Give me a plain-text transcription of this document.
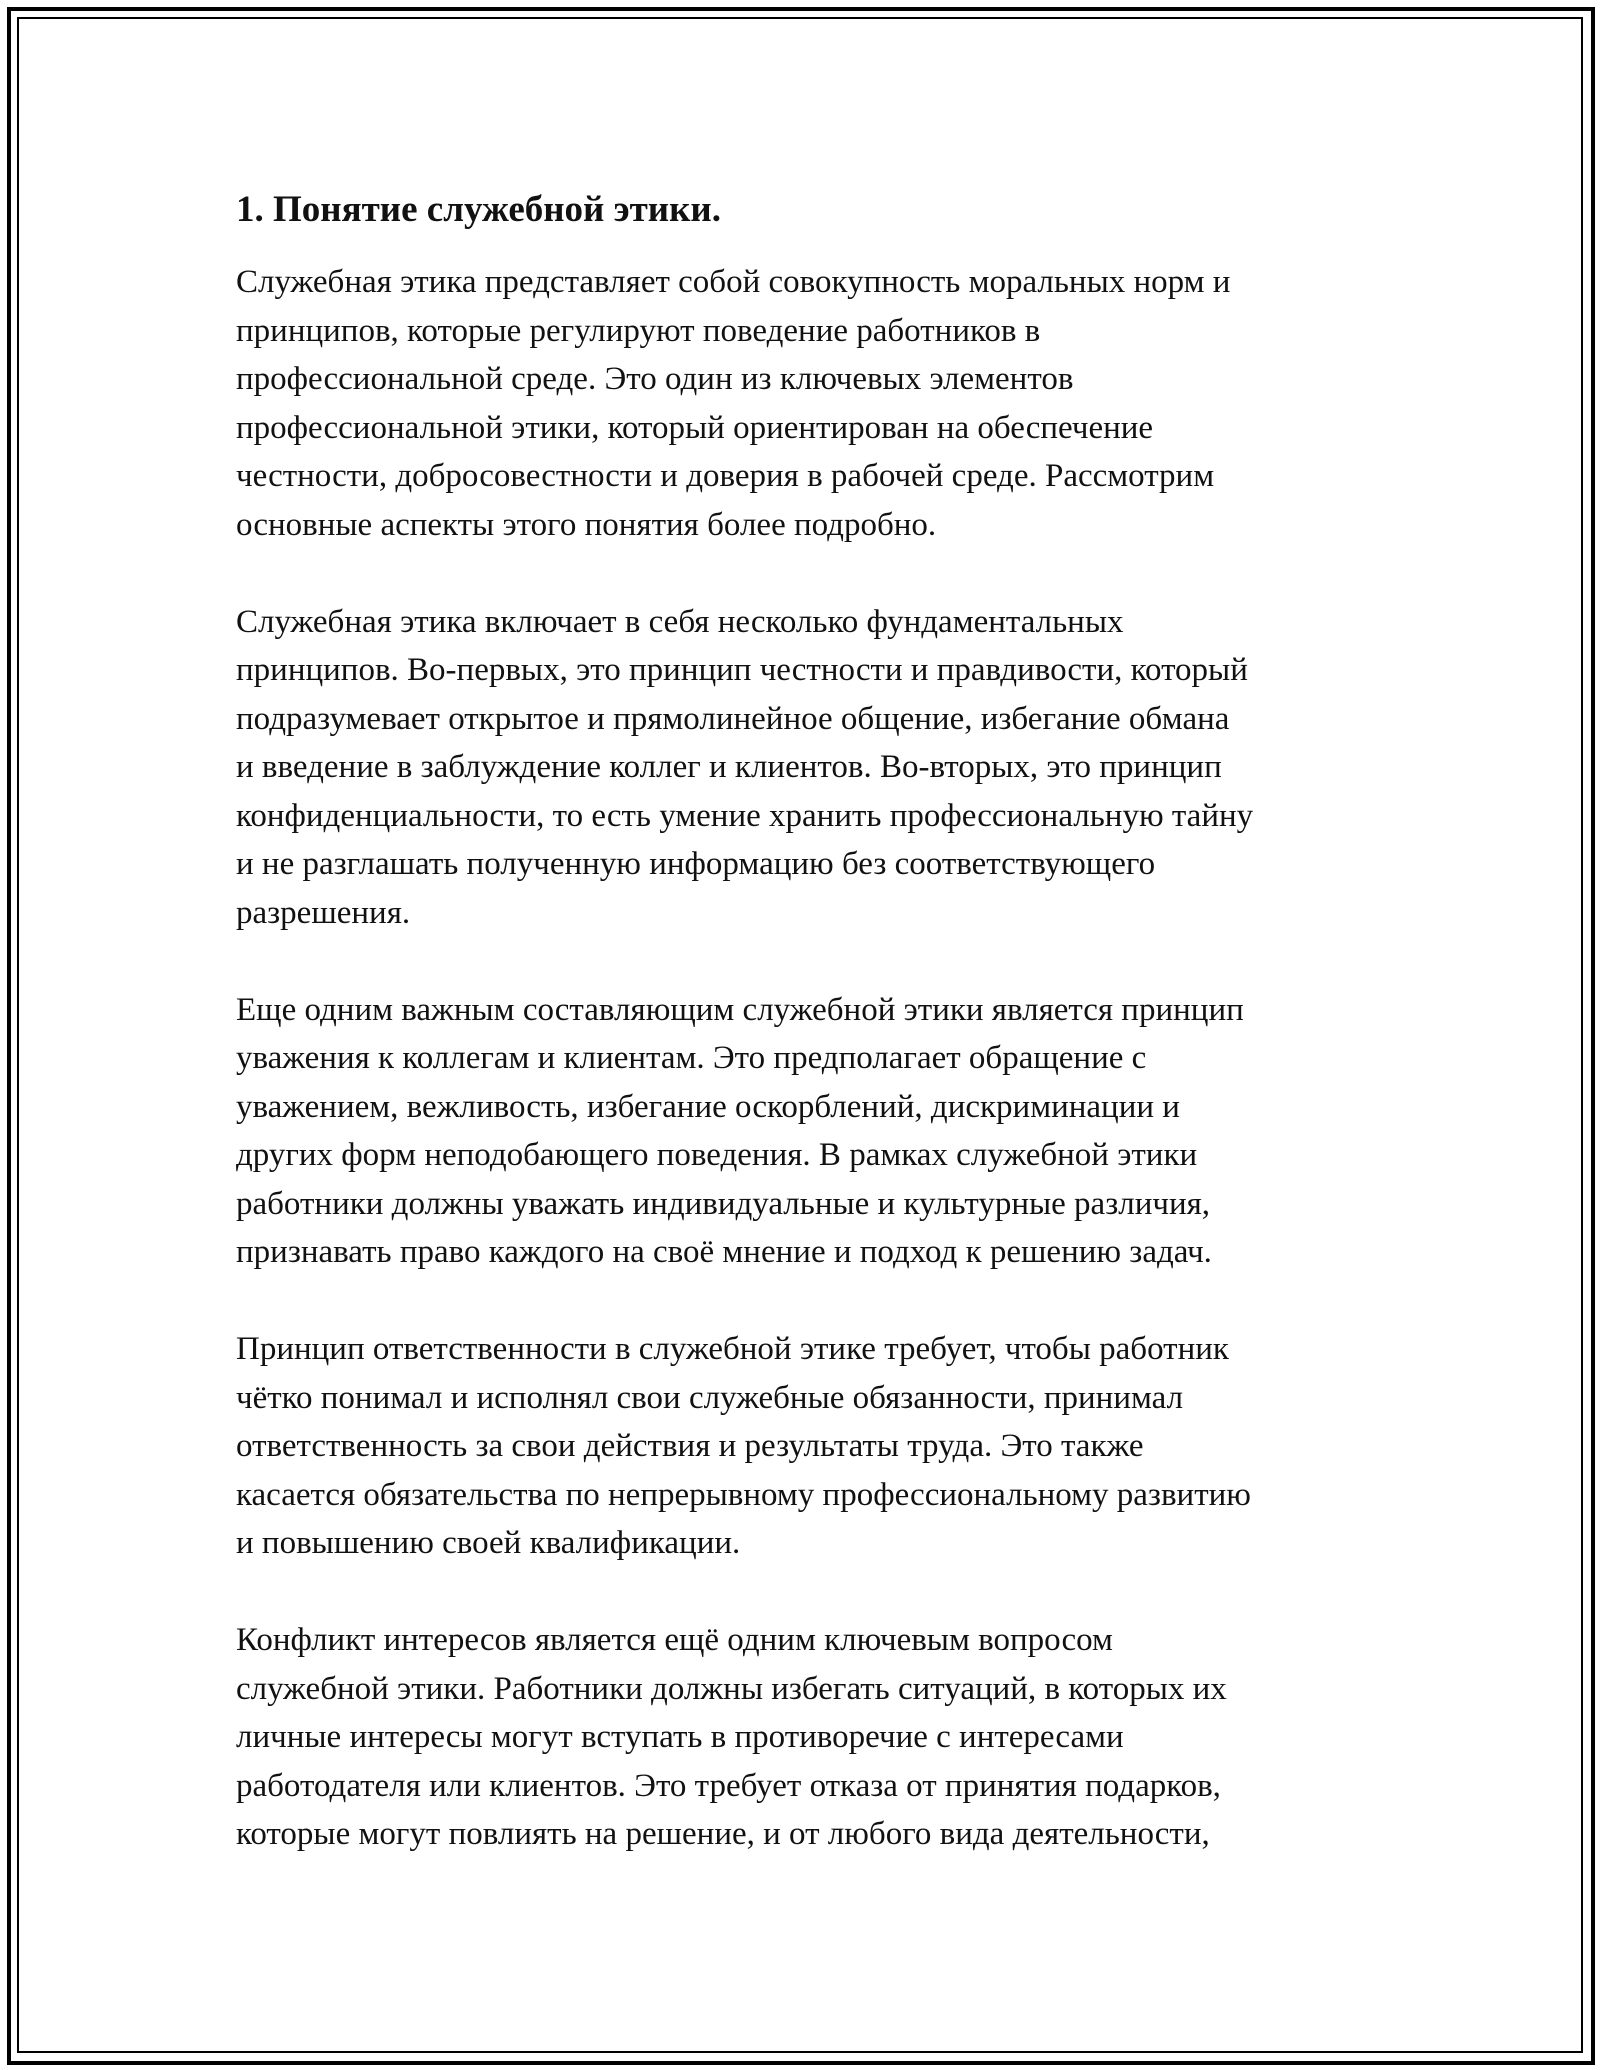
1. Понятие служебной этики.

Служебная этика представляет собой совокупность моральных норм и
принципов, которые регулируют поведение работников в
профессиональной среде. Это один из ключевых элементов
профессиональной этики, который ориентирован на обеспечение
честности, добросовестности и доверия в рабочей среде. Рассмотрим
основные аспекты этого понятия более подробно.

Служебная этика включает в себя несколько фундаментальных
принципов. Во-первых, это принцип честности и правдивости, который
подразумевает открытое и прямолинейное общение, избегание обмана
и введение в заблуждение коллег и клиентов. Во-вторых, это принцип
конфиденциальности, то есть умение хранить профессиональную тайну
и не разглашать полученную информацию без соответствующего
разрешения.

Еще одним важным составляющим служебной этики является принцип
уважения к коллегам и клиентам. Это предполагает обращение с
уважением, вежливость, избегание оскорблений, дискриминации и
других форм неподобающего поведения. В рамках служебной этики
работники должны уважать индивидуальные и культурные различия,
признавать право каждого на своё мнение и подход к решению задач.

Принцип ответственности в служебной этике требует, чтобы работник
чётко понимал и исполнял свои служебные обязанности, принимал
ответственность за свои действия и результаты труда. Это также
касается обязательства по непрерывному профессиональному развитию
и повышению своей квалификации.

Конфликт интересов является ещё одним ключевым вопросом
служебной этики. Работники должны избегать ситуаций, в которых их
личные интересы могут вступать в противоречие с интересами
работодателя или клиентов. Это требует отказа от принятия подарков,
которые могут повлиять на решение, и от любого вида деятельности,
